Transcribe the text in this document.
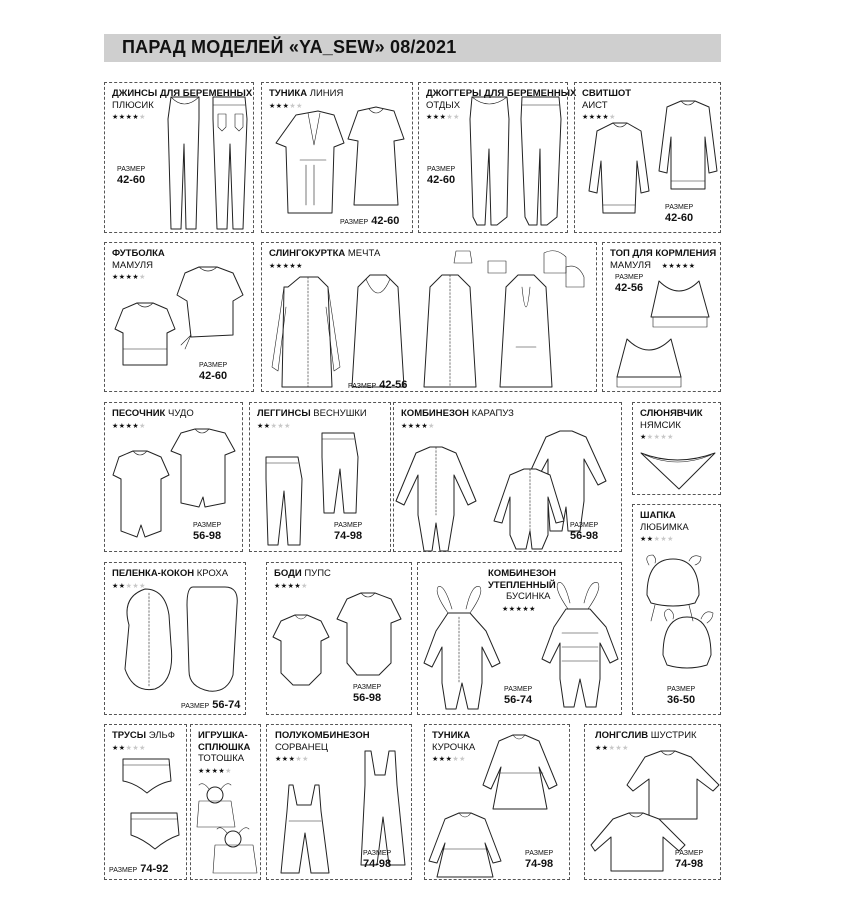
ПАРАД МОДЕЛЕЙ «YA_SEW» 08/2021
ДЖИНСЫ ДЛЯ БЕРЕМЕННЫХ
ПЛЮСИК
★★★★★
РАЗМЕР
42-60
ТУНИКА ЛИНИЯ
★★★★★
РАЗМЕР 42-60
ДЖОГГЕРЫ ДЛЯ БЕРЕМЕННЫХ
ОТДЫХ
★★★★★
РАЗМЕР
42-60
СВИТШОТ
АИСТ
★★★★★
РАЗМЕР
42-60
ФУТБОЛКА
МАМУЛЯ
★★★★★
РАЗМЕР
42-60
СЛИНГОКУРТКА МЕЧТА
★★★★★
РАЗМЕР 42-56
ТОП ДЛЯ КОРМЛЕНИЯ
МАМУЛЯ ★★★★★
РАЗМЕР
42-56
ПЕСОЧНИК ЧУДО
★★★★★
РАЗМЕР
56-98
ЛЕГГИНСЫ ВЕСНУШКИ
★★★★★
РАЗМЕР
74-98
КОМБИНЕЗОН КАРАПУЗ
★★★★★
РАЗМЕР
56-98
СЛЮНЯВЧИК
НЯМСИК
★★★★★
ШАПКА
ЛЮБИМКА
★★★★★
РАЗМЕР
36-50
ПЕЛЕНКА-КОКОН КРОХА
★★★★★
РАЗМЕР 56-74
БОДИ ПУПС
★★★★★
РАЗМЕР
56-98
КОМБИНЕЗОН
УТЕПЛЕННЫЙ
БУСИНКА
★★★★★
РАЗМЕР
56-74
ТРУСЫ ЭЛЬФ
★★★★★
РАЗМЕР 74-92
ИГРУШКА-
СПЛЮШКА
ТОТОШКА
★★★★★
ПОЛУКОМБИНЕЗОН
СОРВАНЕЦ
★★★★★
РАЗМЕР
74-98
ТУНИКА
КУРОЧКА
★★★★★
РАЗМЕР
74-98
ЛОНГСЛИВ ШУСТРИК
★★★★★
РАЗМЕР
74-98
